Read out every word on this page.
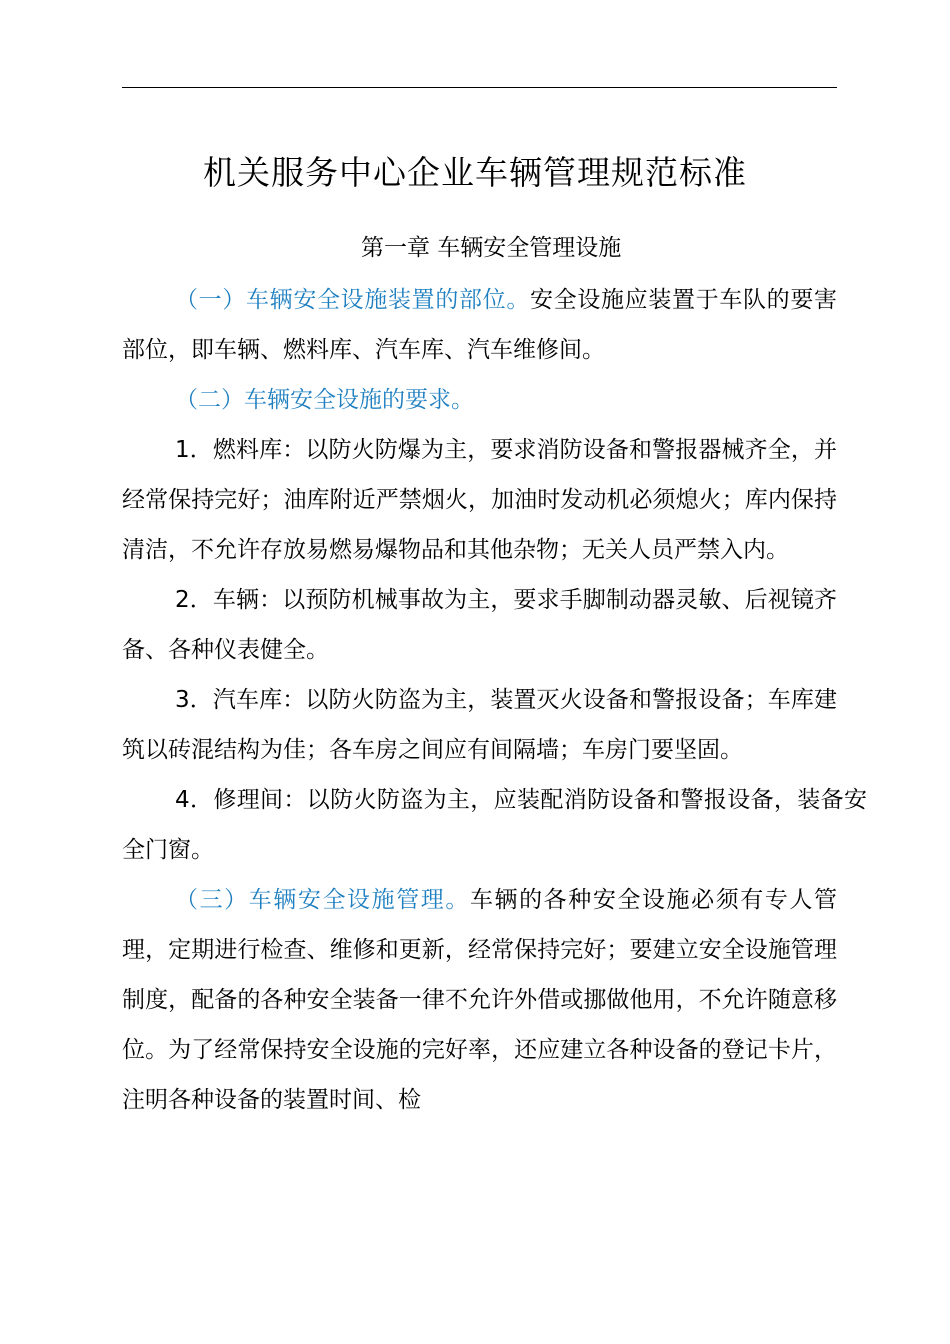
机关服务中心企业车辆管理规范标准
第一章 车辆安全管理设施

（一）车辆安全设施装置的部位。安全设施应装置于车队的要害部位，即车辆、燃料库、汽车库、汽车维修间。

（二）车辆安全设施的要求。

1．燃料库：以防火防爆为主，要求消防设备和警报器械齐全，并经常保持完好；油库附近严禁烟火，加油时发动机必须熄火；库内保持清洁，不允许存放易燃易爆物品和其他杂物；无关人员严禁入内。

2．车辆：以预防机械事故为主，要求手脚制动器灵敏、后视镜齐备、各种仪表健全。

3．汽车库：以防火防盗为主，装置灭火设备和警报设备；车库建筑以砖混结构为佳；各车房之间应有间隔墙；车房门要坚固。

4．修理间：以防火防盗为主，应装配消防设备和警报设备，装备安全门窗。

（三）车辆安全设施管理。车辆的各种安全设施必须有专人管理，定期进行检查、维修和更新，经常保持完好；要建立安全设施管理制度，配备的各种安全装备一律不允许外借或挪做他用，不允许随意移位。为了经常保持安全设施的完好率，还应建立各种设备的登记卡片，注明各种设备的装置时间、检
